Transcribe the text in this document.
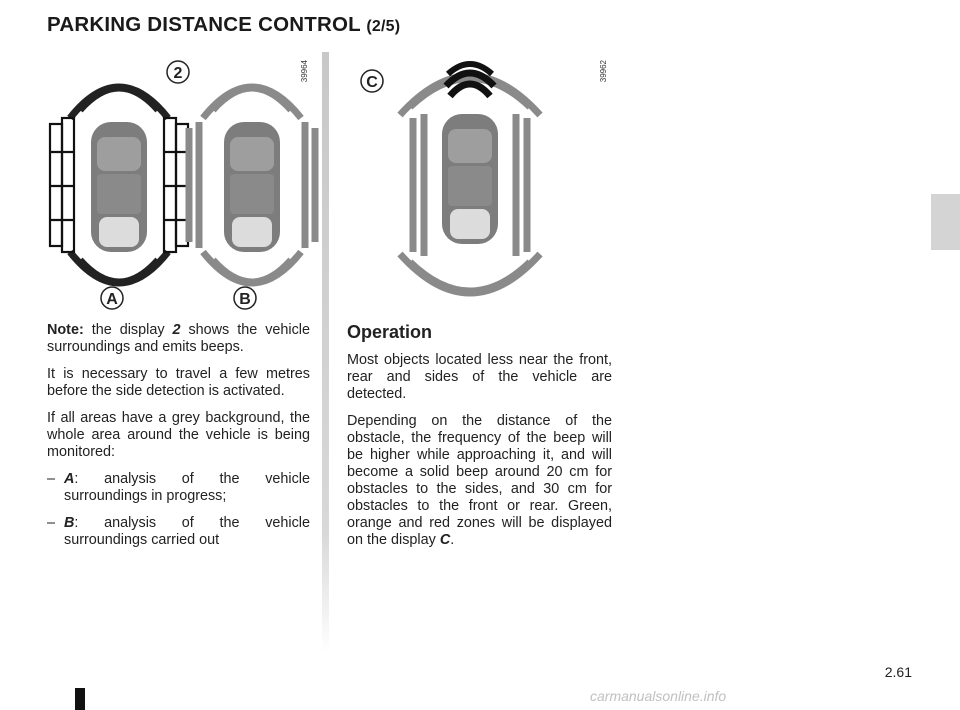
PARKING DISTANCE CONTROL (2/5)
2
A	B
39964
C
39962

Note: the display 2 shows the vehicle surroundings and emits beeps.

It is necessary to travel a few metres before the side detection is activated.

If all areas have a grey background, the whole area around the vehicle is being monitored:

– A: analysis of the vehicle surroundings in progress;
– B: analysis of the vehicle surroundings carried out
Operation

Most objects located less near the front, rear and sides of the vehicle are detected.

Depending on the distance of the obstacle, the frequency of the beep will be higher while approaching it, and will become a solid beep around 20 cm for obstacles to the sides, and 30 cm for obstacles to the front or rear. Green, orange and red zones will be displayed on the display C.

2.61
carmanualsonline.info
